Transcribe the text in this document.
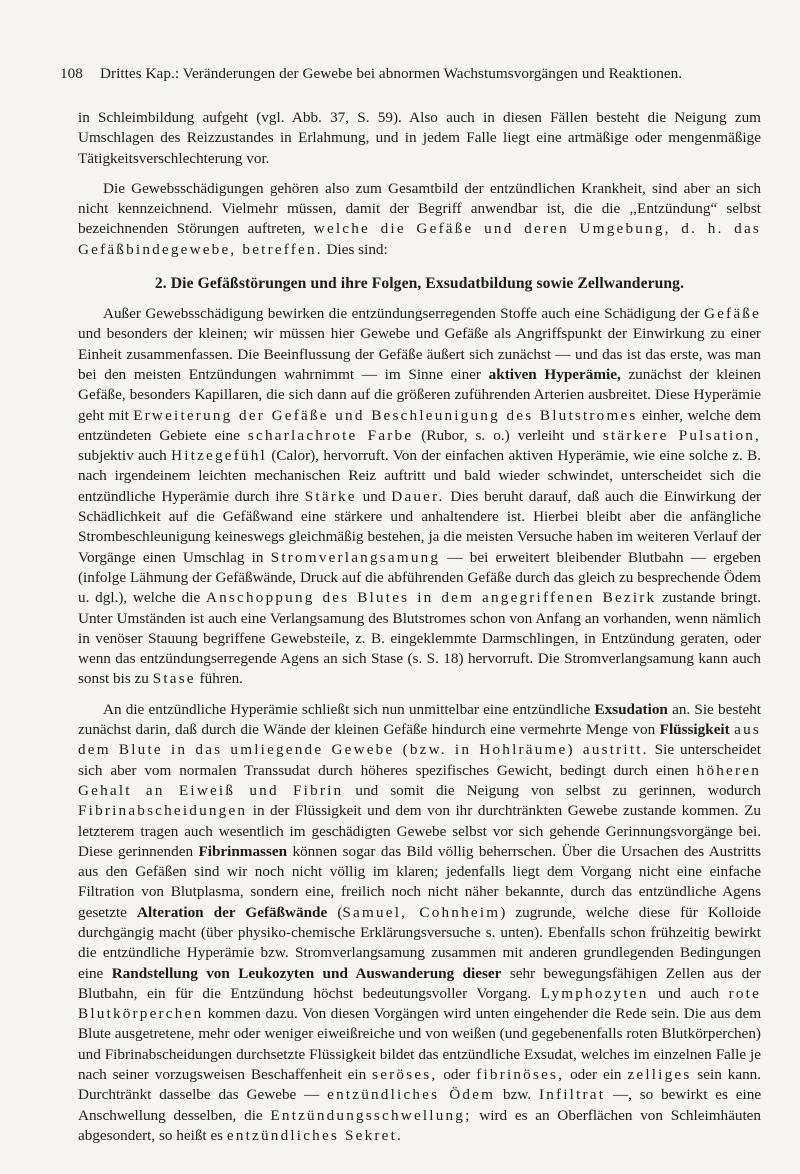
108 Drittes Kap.: Veränderungen der Gewebe bei abnormen Wachstumsvorgängen und Reaktionen.

in Schleimbildung aufgeht (vgl. Abb. 37, S. 59). Also auch in diesen Fällen besteht die Neigung zum Umschlagen des Reizzustandes in Erlahmung, und in jedem Falle liegt eine artmäßige oder mengenmäßige Tätigkeitsverschlechterung vor.

Die Gewebsschädigungen gehören also zum Gesamtbild der entzündlichen Krankheit, sind aber an sich nicht kennzeichnend. Vielmehr müssen, damit der Begriff anwendbar ist, die die ,,Entzündung“ selbst bezeichnenden Störungen auftreten, welche die Gefäße und deren Umgebung, d. h. das Gefäßbindegewebe, betreffen. Dies sind:

2. Die Gefäßstörungen und ihre Folgen, Exsudatbildung sowie Zellwanderung.

Außer Gewebsschädigung bewirken die entzündungserregenden Stoffe auch eine Schädigung der Gefäße und besonders der kleinen; wir müssen hier Gewebe und Gefäße als Angriffspunkt der Einwirkung zu einer Einheit zusammenfassen. Die Beeinflussung der Gefäße äußert sich zunächst — und das ist das erste, was man bei den meisten Entzündungen wahrnimmt — im Sinne einer aktiven Hyperämie, zunächst der kleinen Gefäße, besonders Kapillaren, die sich dann auf die größeren zuführenden Arterien ausbreitet. Diese Hyperämie geht mit Erweiterung der Gefäße und Beschleunigung des Blutstromes einher, welche dem entzündeten Gebiete eine scharlachrote Farbe (Rubor, s. o.) verleiht und stärkere Pulsation, subjektiv auch Hitzegefühl (Calor), hervorruft. Von der einfachen aktiven Hyperämie, wie eine solche z. B. nach irgendeinem leichten mechanischen Reiz auftritt und bald wieder schwindet, unterscheidet sich die entzündliche Hyperämie durch ihre Stärke und Dauer. Dies beruht darauf, daß auch die Einwirkung der Schädlichkeit auf die Gefäßwand eine stärkere und anhaltendere ist. Hierbei bleibt aber die anfängliche Strombeschleunigung keineswegs gleichmäßig bestehen, ja die meisten Versuche haben im weiteren Verlauf der Vorgänge einen Umschlag in Stromverlangsamung — bei erweitert bleibender Blutbahn — ergeben (infolge Lähmung der Gefäßwände, Druck auf die abführenden Gefäße durch das gleich zu besprechende Ödem u. dgl.), welche die Anschoppung des Blutes in dem angegriffenen Bezirk zustande bringt. Unter Umständen ist auch eine Verlangsamung des Blutstromes schon von Anfang an vorhanden, wenn nämlich in venöser Stauung begriffene Gewebsteile, z. B. eingeklemmte Darmschlingen, in Entzündung geraten, oder wenn das entzündungserregende Agens an sich Stase (s. S. 18) hervorruft. Die Stromverlangsamung kann auch sonst bis zu Stase führen.

An die entzündliche Hyperämie schließt sich nun unmittelbar eine entzündliche Exsudation an. Sie besteht zunächst darin, daß durch die Wände der kleinen Gefäße hindurch eine vermehrte Menge von Flüssigkeit aus dem Blute in das umliegende Gewebe (bzw. in Hohlräume) austritt. Sie unterscheidet sich aber vom normalen Transsudat durch höheres spezifisches Gewicht, bedingt durch einen höheren Gehalt an Eiweiß und Fibrin und somit die Neigung von selbst zu gerinnen, wodurch Fibrinabscheidungen in der Flüssigkeit und dem von ihr durchtränkten Gewebe zustande kommen. Zu letzterem tragen auch wesentlich im geschädigten Gewebe selbst vor sich gehende Gerinnungsvorgänge bei. Diese gerinnenden Fibrinmassen können sogar das Bild völlig beherrschen. Über die Ursachen des Austritts aus den Gefäßen sind wir noch nicht völlig im klaren; jedenfalls liegt dem Vorgang nicht eine einfache Filtration von Blutplasma, sondern eine, freilich noch nicht näher bekannte, durch das entzündliche Agens gesetzte Alteration der Gefäßwände (Samuel, Cohnheim) zugrunde, welche diese für Kolloide durchgängig macht (über physiko-chemische Erklärungsversuche s. unten). Ebenfalls schon frühzeitig bewirkt die entzündliche Hyperämie bzw. Stromverlangsamung zusammen mit anderen grundlegenden Bedingungen eine Randstellung von Leukozyten und Auswanderung dieser sehr bewegungsfähigen Zellen aus der Blutbahn, ein für die Entzündung höchst bedeutungsvoller Vorgang. Lymphozyten und auch rote Blutkörperchen kommen dazu. Von diesen Vorgängen wird unten eingehender die Rede sein. Die aus dem Blute ausgetretene, mehr oder weniger eiweißreiche und von weißen (und gegebenenfalls roten Blutkörperchen) und Fibrinabscheidungen durchsetzte Flüssigkeit bildet das entzündliche Exsudat, welches im einzelnen Falle je nach seiner vorzugsweisen Beschaffenheit ein seröses, oder fibrinöses, oder ein zelliges sein kann. Durchtränkt dasselbe das Gewebe — entzündliches Ödem bzw. Infiltrat —, so bewirkt es eine Anschwellung desselben, die Entzündungsschwellung; wird es an Oberflächen von Schleimhäuten abgesondert, so heißt es entzündliches Sekret.
